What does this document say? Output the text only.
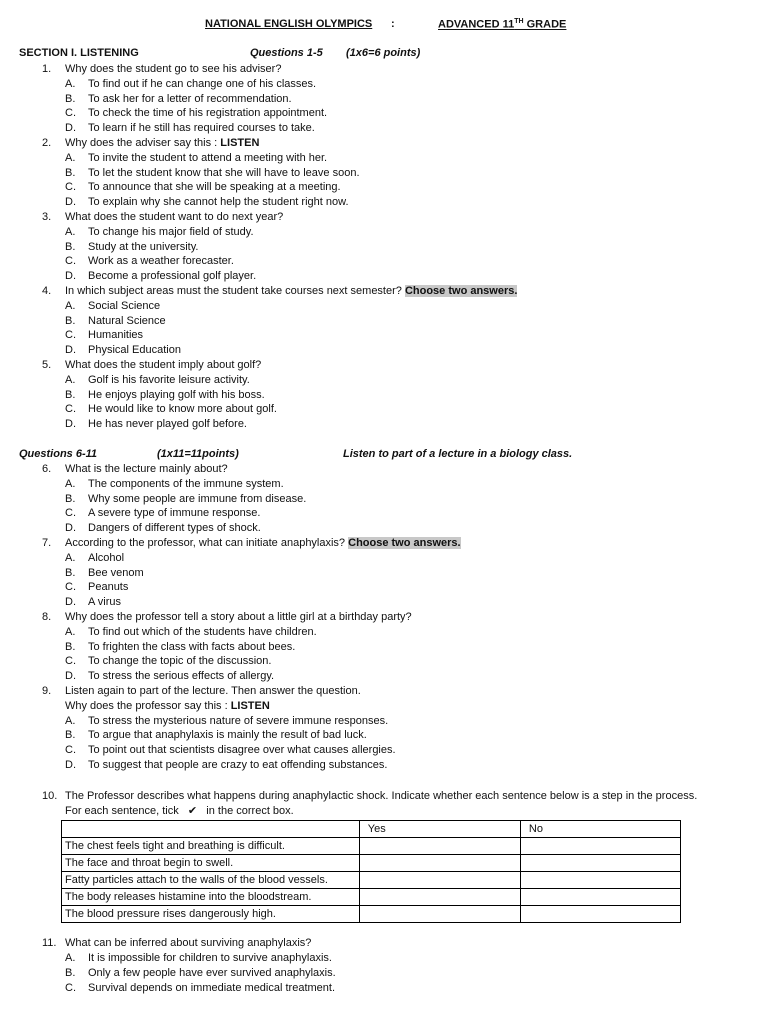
NATIONAL ENGLISH OLYMPICS :	ADVANCED 11TH GRADE
SECTION I. LISTENING	Questions 1-5 (1x6=6 points)
1. Why does the student go to see his adviser?
A. To find out if he can change one of his classes.
B. To ask her for a letter of recommendation.
C. To check the time of his registration appointment.
D. To learn if he still has required courses to take.
2. Why does the adviser say this : LISTEN
A. To invite the student to attend a meeting with her.
B. To let the student know that she will have to leave soon.
C. To announce that she will be speaking at a meeting.
D. To explain why she cannot help the student right now.
3. What does the student want to do next year?
A. To change his major field of study.
B. Study at the university.
C. Work as a weather forecaster.
D. Become a professional golf player.
4. In which subject areas must the student take courses next semester? Choose two answers.
A. Social Science
B. Natural Science
C. Humanities
D. Physical Education
5. What does the student imply about golf?
A. Golf is his favorite leisure activity.
B. He enjoys playing golf with his boss.
C. He would like to know more about golf.
D. He has never played golf before.
Questions 6-11	(1x11=11points)	Listen to part of a lecture in a biology class.
6. What is the lecture mainly about?
A. The components of the immune system.
B. Why some people are immune from disease.
C. A severe type of immune response.
D. Dangers of different types of shock.
7. According to the professor, what can initiate anaphylaxis? Choose two answers.
A. Alcohol
B. Bee venom
C. Peanuts
D. A virus
8. Why does the professor tell a story about a little girl at a birthday party?
A. To find out which of the students have children.
B. To frighten the class with facts about bees.
C. To change the topic of the discussion.
D. To stress the serious effects of allergy.
9. Listen again to part of the lecture. Then answer the question.
Why does the professor say this : LISTEN
A. To stress the mysterious nature of severe immune responses.
B. To argue that anaphylaxis is mainly the result of bad luck.
C. To point out that scientists disagree over what causes allergies.
D. To suggest that people are crazy to eat offending substances.
10. The Professor describes what happens during anaphylactic shock. Indicate whether each sentence below is a step in the process.
For each sentence, tick ✔ in the correct box.
	Yes	No
The chest feels tight and breathing is difficult.		
The face and throat begin to swell.		
Fatty particles attach to the walls of the blood vessels.		
The body releases histamine into the bloodstream.		
The blood pressure rises dangerously high.		
11. What can be inferred about surviving anaphylaxis?
A. It is impossible for children to survive anaphylaxis.
B. Only a few people have ever survived anaphylaxis.
C. Survival depends on immediate medical treatment.
